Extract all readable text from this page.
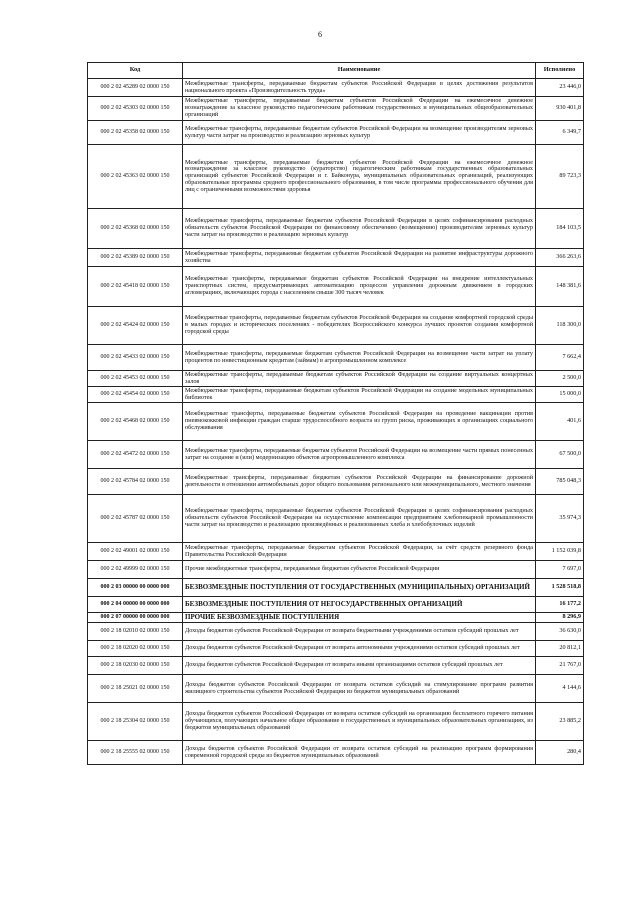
6
Код	Наименование	Исполнено
000 2 02 45289 02 0000 150	Межбюджетные трансферты, передаваемые бюджетам субъектов Российской Федерации в целях достижения результатов национального проекта «Производительность труда»	23 446,0
000 2 02 45303 02 0000 150	Межбюджетные трансферты, передаваемые бюджетам субъектов Российской Федерации на ежемесячное денежное вознаграждение за классное руководство педагогическим работникам государственных и муниципальных общеобразовательных организаций	930 401,8
000 2 02 45358 02 0000 150	Межбюджетные трансферты, передаваемые бюджетам субъектов Российской Федерации на возмещение производителям зерновых культур части затрат на производство и реализацию зерновых культур	6 349,7
000 2 02 45363 02 0000 150	Межбюджетные трансферты, передаваемые бюджетам субъектов Российской Федерации на ежемесячное денежное вознаграждение за классное руководство (кураторство) педагогическим работникам государственных образовательных организаций субъектов Российской Федерации и г. Байконура, муниципальных образовательных организаций, реализующих образовательные программы среднего профессионального образования, в том числе программы профессионального обучения для лиц с ограниченными возможностями здоровья	89 723,3
000 2 02 45368 02 0000 150	Межбюджетные трансферты, передаваемые бюджетам субъектов Российской Федерации в целях софинансирования расходных обязательств субъектов Российской Федерации по финансовому обеспечению (возмещению) производителям зерновых культур части затрат на производство и реализацию зерновых культур	184 103,5
000 2 02 45389 02 0000 150	Межбюджетные трансферты, передаваемые бюджетам субъектов Российской Федерации на развитие инфраструктуры дорожного хозяйства	366 263,6
000 2 02 45418 02 0000 150	Межбюджетные трансферты, передаваемые бюджетам субъектов Российской Федерации на внедрение интеллектуальных транспортных систем, предусматривающих автоматизацию процессов управления дорожным движением в городских агломерациях, включающих города с населением свыше 300 тысяч человек	148 381,6
000 2 02 45424 02 0000 150	Межбюджетные трансферты, передаваемые бюджетам субъектов Российской Федерации на создание комфортной городской среды в малых городах и исторических поселениях - победителях Всероссийского конкурса лучших проектов создания комфортной городской среды	118 300,0
000 2 02 45433 02 0000 150	Межбюджетные трансферты, передаваемые бюджетам субъектов Российской Федерации на возмещение части затрат на уплату процентов по инвестиционным кредитам (займам) в агропромышленном комплексе	7 662,4
000 2 02 45453 02 0000 150	Межбюджетные трансферты, передаваемые бюджетам субъектов Российской Федерации на создание виртуальных концертных залов	2 500,0
000 2 02 45454 02 0000 150	Межбюджетные трансферты, передаваемые бюджетам субъектов Российской Федерации на создание модельных муниципальных библиотек	15 000,0
000 2 02 45468 02 0000 150	Межбюджетные трансферты, передаваемые бюджетам субъектов Российской Федерации на проведение вакцинации против пневмококковой инфекции граждан старше трудоспособного возраста из групп риска, проживающих в организациях социального обслуживания	401,6
000 2 02 45472 02 0000 150	Межбюджетные трансферты, передаваемые бюджетам субъектов Российской Федерации на возмещение части прямых понесенных затрат на создание и (или) модернизацию объектов агропромышленного комплекса	67 500,0
000 2 02 45784 02 0000 150	Межбюджетные трансферты, передаваемые бюджетам субъектов Российской Федерации на финансирование дорожной деятельности в отношении автомобильных дорог общего пользования регионального или межмуниципального, местного значения	785 048,3
000 2 02 45787 02 0000 150	Межбюджетные трансферты, передаваемые бюджетам субъектов Российской Федерации в целях софинансирования расходных обязательств субъектов Российской Федерации на осуществление компенсации предприятиям хлебопекарной промышленности части затрат на производство и реализацию произведённых и реализованных хлеба и хлебобулочных изделий	35 974,3
000 2 02 49001 02 0000 150	Межбюджетные трансферты, передаваемые бюджетам субъектов Российской Федерации, за счёт средств резервного фонда Правительства Российской Федерации	1 152 039,8
000 2 02 49999 02 0000 150	Прочие межбюджетные трансферты, передаваемые бюджетам субъектов Российской Федерации	7 697,0
000 2 03 00000 00 0000 000	БЕЗВОЗМЕЗДНЫЕ ПОСТУПЛЕНИЯ ОТ ГОСУДАРСТВЕННЫХ (МУНИЦИПАЛЬНЫХ) ОРГАНИЗАЦИЙ	1 528 518,8
000 2 04 00000 00 0000 000	БЕЗВОЗМЕЗДНЫЕ ПОСТУПЛЕНИЯ ОТ НЕГОСУДАРСТВЕННЫХ ОРГАНИЗАЦИЙ	16 177,2
000 2 07 00000 00 0000 000	ПРОЧИЕ БЕЗВОЗМЕЗДНЫЕ ПОСТУПЛЕНИЯ	8 296,9
000 2 18 02010 02 0000 150	Доходы бюджетов субъектов Российской Федерации от возврата бюджетными учреждениями остатков субсидий прошлых лет	36 630,0
000 2 18 02020 02 0000 150	Доходы бюджетов субъектов Российской Федерации от возврата автономными учреждениями остатков субсидий прошлых лет	20 812,1
000 2 18 02030 02 0000 150	Доходы бюджетов субъектов Российской Федерации от возврата иными организациями остатков субсидий прошлых лет	21 767,0
000 2 18 25021 02 0000 150	Доходы бюджетов субъектов Российской Федерации от возврата остатков субсидий на стимулирование программ развития жилищного строительства субъектов Российской Федерации из бюджетов муниципальных образований	4 144,6
000 2 18 25304 02 0000 150	Доходы бюджетов субъектов Российской Федерации от возврата остатков субсидий на организацию бесплатного горячего питания обучающихся, получающих начальное общее образование в государственных и муниципальных образовательных организациях, из бюджетов муниципальных образований	23 885,2
000 2 18 25555 02 0000 150	Доходы бюджетов субъектов Российской Федерации от возврата остатков субсидий на реализацию программ формирования современной городской среды из бюджетов муниципальных образований	280,4
